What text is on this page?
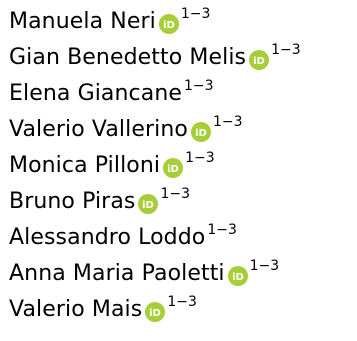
Manuela Neri iD
1−3
Gian Benedetto Melis iD
1−3
Elena Giancane 1−3
Valerio Vallerino iD
1−3
Monica Pilloni iD
1−3
Bruno Piras iD
1−3
Alessandro Loddo 1−3
Anna Maria Paoletti iD
1−3
Valerio Mais iD
1−3
